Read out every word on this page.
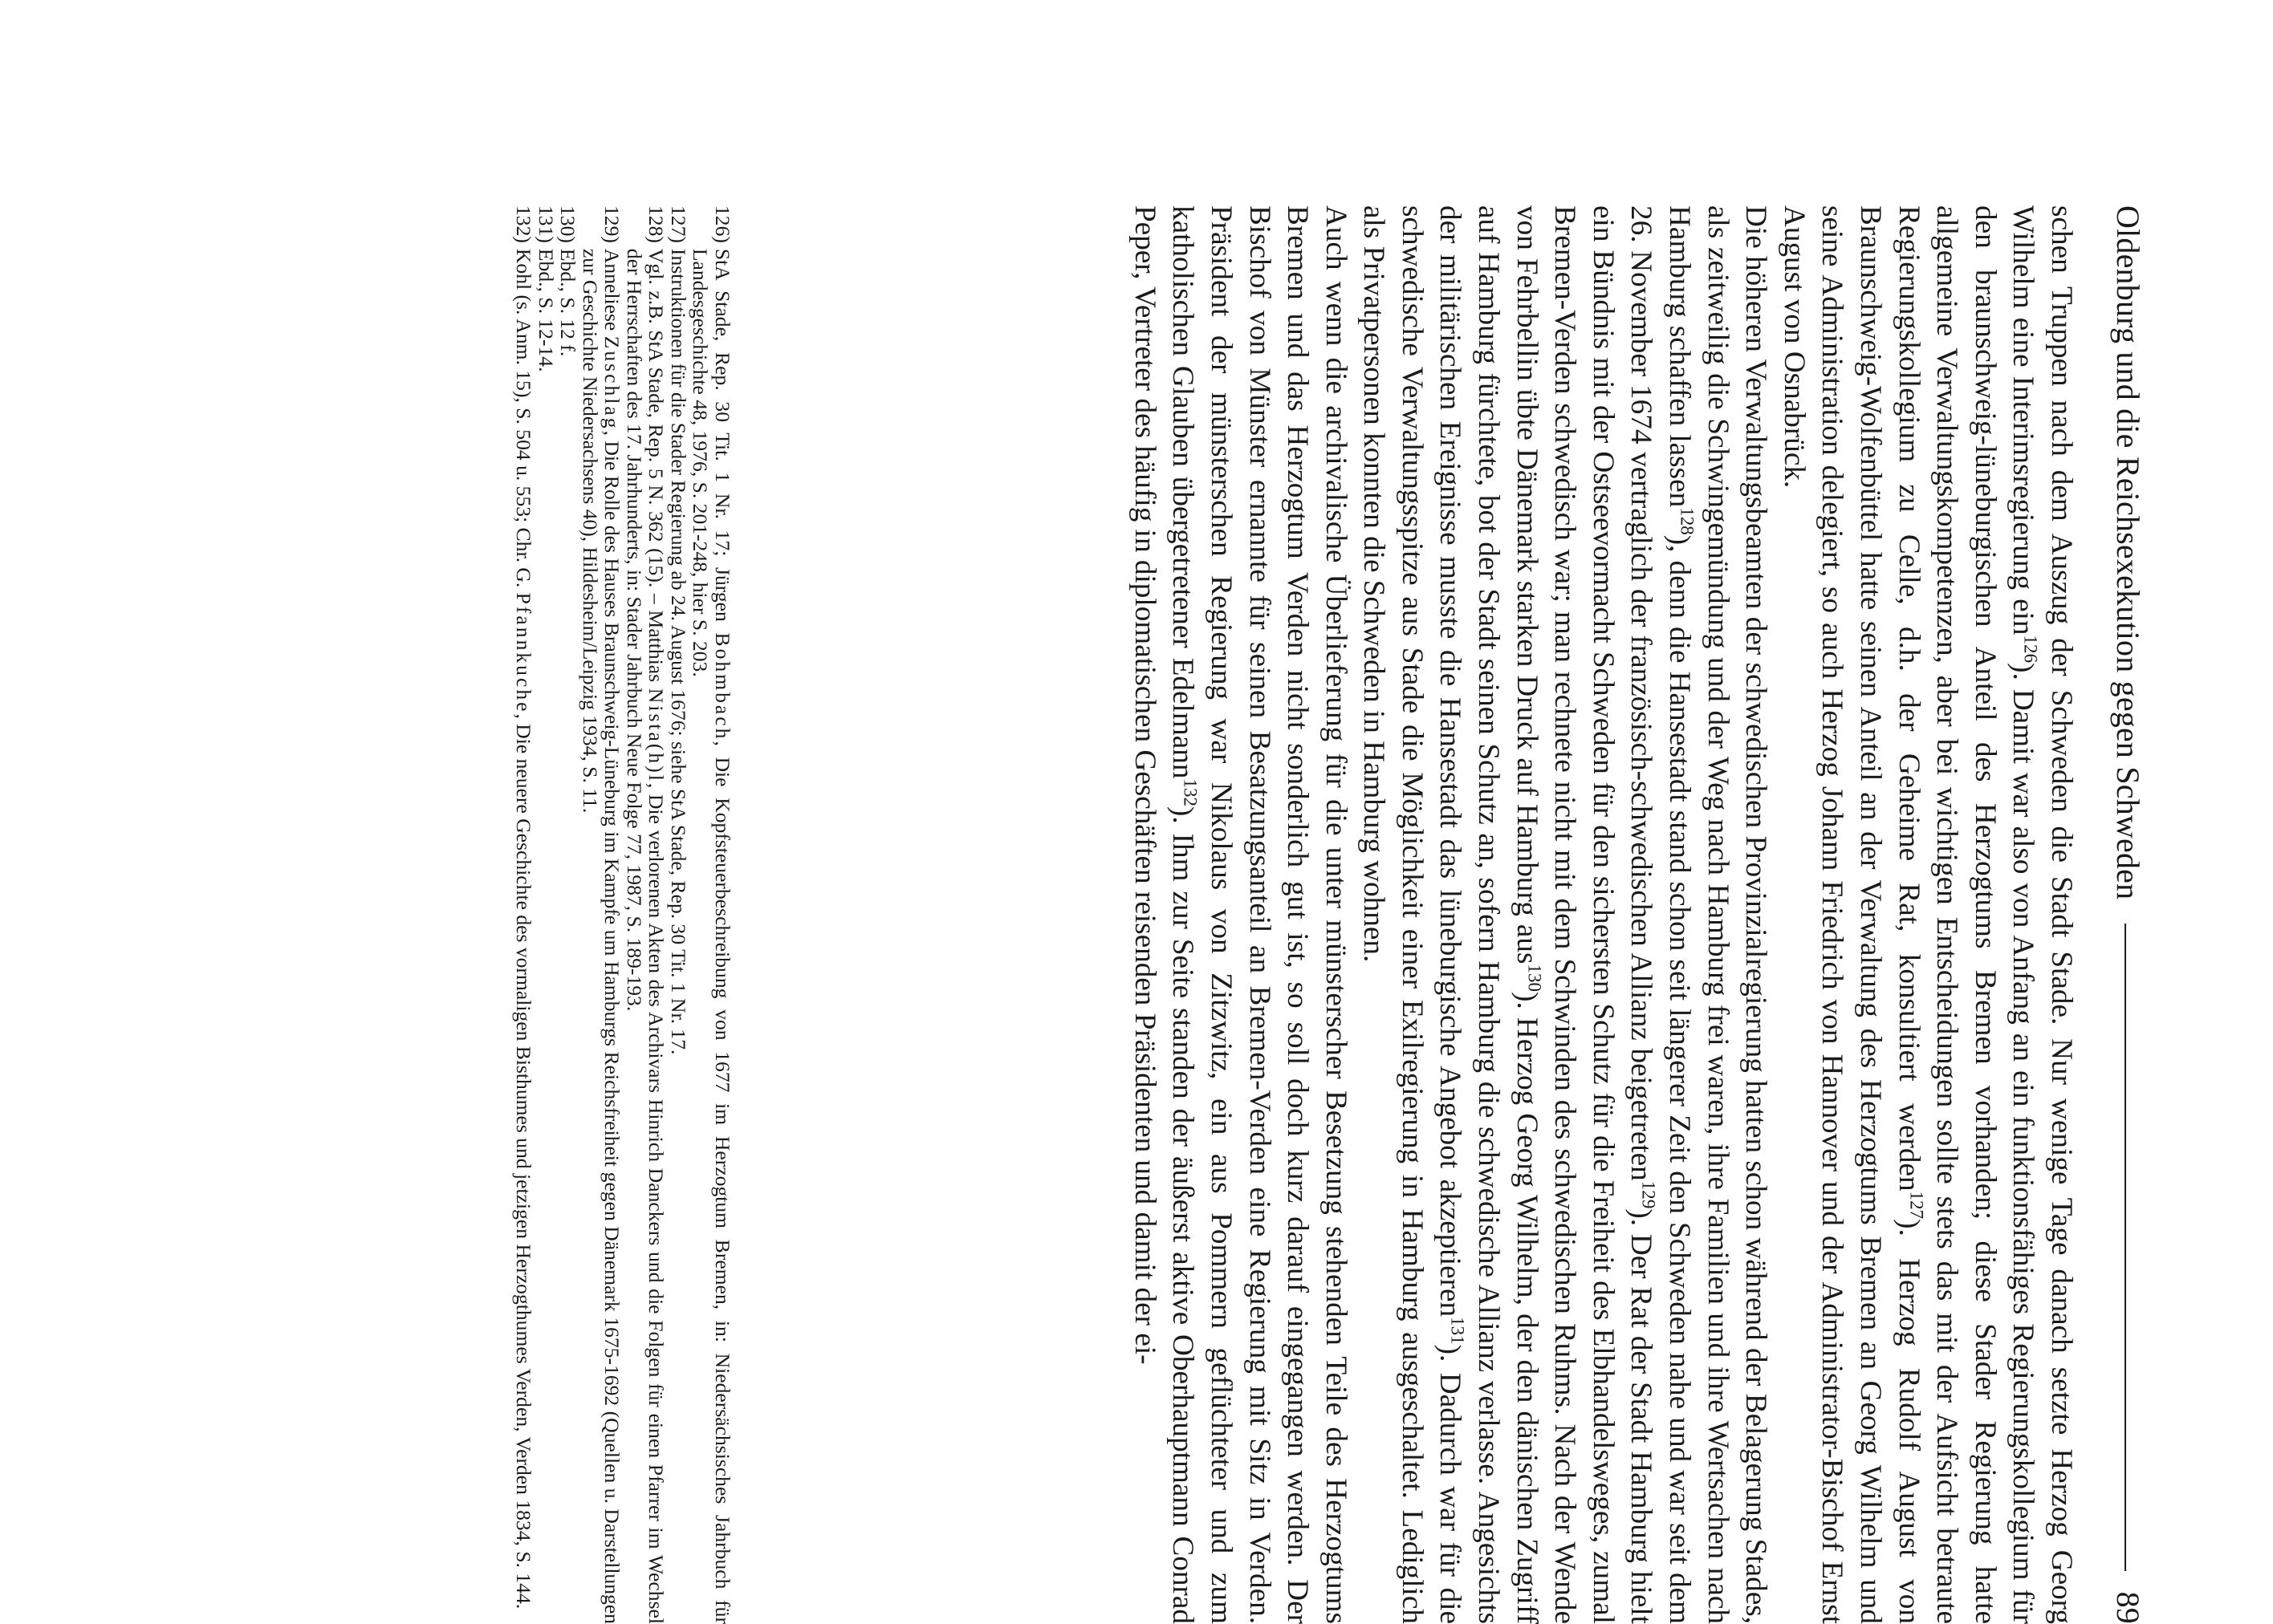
Oldenburg und die Reichsexekution gegen Schweden
89

schen Truppen nach dem Auszug der Schweden die Stadt Stade. Nur wenige Tage danach setzte Herzog Georg Wilhelm eine Interimsregierung ein$^{126}$). Damit war also von Anfang an ein funktionsfähiges Regierungskollegium für den braunschweig-lüneburgischen Anteil des Herzogtums Bremen vorhanden; diese Stader Regierung hatte allgemeine Verwaltungskompetenzen, aber bei wichtigen Entscheidungen sollte stets das mit der Aufsicht betraute Regierungskollegium zu Celle, d.h. der Geheime Rat, konsultiert werden$^{127}$). Herzog Rudolf August von Braunschweig-Wolfenbüttel hatte seinen Anteil an der Verwaltung des Herzogtums Bremen an Georg Wilhelm und seine Administration delegiert, so auch Herzog Johann Friedrich von Hannover und der Administrator-Bischof Ernst August von Osnabrück.

Die höheren Verwaltungsbeamten der schwedischen Provinzialregierung hatten schon während der Belagerung Stades, als zeitweilig die Schwingemündung und der Weg nach Hamburg frei waren, ihre Familien und ihre Wertsachen nach Hamburg schaffen lassen$^{128}$), denn die Hansestadt stand schon seit längerer Zeit den Schweden nahe und war seit dem 26. November 1674 vertraglich der französisch-schwedischen Allianz beigetreten$^{129}$). Der Rat der Stadt Hamburg hielt ein Bündnis mit der Ostseevormacht Schweden für den sichersten Schutz für die Freiheit des Elbhandelsweges, zumal Bremen-Verden schwedisch war; man rechnete nicht mit dem Schwinden des schwedischen Ruhms. Nach der Wende von Fehrbellin übte Dänemark starken Druck auf Hamburg aus$^{130}$). Herzog Georg Wilhelm, der den dänischen Zugriff auf Hamburg fürchtete, bot der Stadt seinen Schutz an, sofern Hamburg die schwedische Allianz verlasse. Angesichts der militärischen Ereignisse musste die Hansestadt das lüneburgische Angebot akzeptieren$^{131}$). Dadurch war für die schwedische Verwaltungsspitze aus Stade die Möglichkeit einer Exilregierung in Hamburg ausgeschaltet. Lediglich als Privatpersonen konnten die Schweden in Hamburg wohnen.

Auch wenn die archivalische Überlieferung für die unter münsterscher Besetzung stehenden Teile des Herzogtums Bremen und das Herzogtum Verden nicht sonderlich gut ist, so soll doch kurz darauf eingegangen werden. Der Bischof von Münster ernannte für seinen Besatzungsanteil an Bremen-Verden eine Regierung mit Sitz in Verden. Präsident der münsterschen Regierung war Nikolaus von Zitzwitz, ein aus Pommern geflüchteter und zum katholischen Glauben übergetretener Edelmann$^{132}$). Ihm zur Seite standen der äußerst aktive Oberhauptmann Conrad Peper, Vertreter des häufig in diplomatischen Geschäften reisenden Präsidenten und damit der ei-

126)
StA Stade, Rep. 30 Tit. 1 Nr. 17; Jürgen Bohmbach, Die Kopfsteuerbeschreibung von 1677 im Herzogtum Bremen, in: Niedersächsisches Jahrbuch für Landesgeschichte 48, 1976, S. 201-248, hier S. 203.
127)
Instruktionen für die Stader Regierung ab 24. August 1676; siehe StA Stade, Rep. 30 Tit. 1 Nr. 17.
128)
Vgl. z.B. StA Stade, Rep. 5 N. 362 (15). – Matthias Nista(h)l, Die verlorenen Akten des Archivars Hinrich Danckers und die Folgen für einen Pfarrer im Wechsel der Herrschaften des 17. Jahrhunderts, in: Stader Jahrbuch Neue Folge 77, 1987, S. 189-193.
129)
Anneliese Zuschlag, Die Rolle des Hauses Braunschweig-Lüneburg im Kampfe um Hamburgs Reichsfreiheit gegen Dänemark 1675-1692 (Quellen u. Darstellungen zur Geschichte Niedersachsens 40), Hildesheim/Leipzig 1934, S. 11.
130)
Ebd., S. 12 f.
131)
Ebd., S. 12-14.
132)
Kohl (s. Anm. 15), S. 504 u. 553; Chr. G. Pfannkuche, Die neuere Geschichte des vormaligen Bisthumes und jetzigen Herzogthumes Verden, Verden 1834, S. 144.
